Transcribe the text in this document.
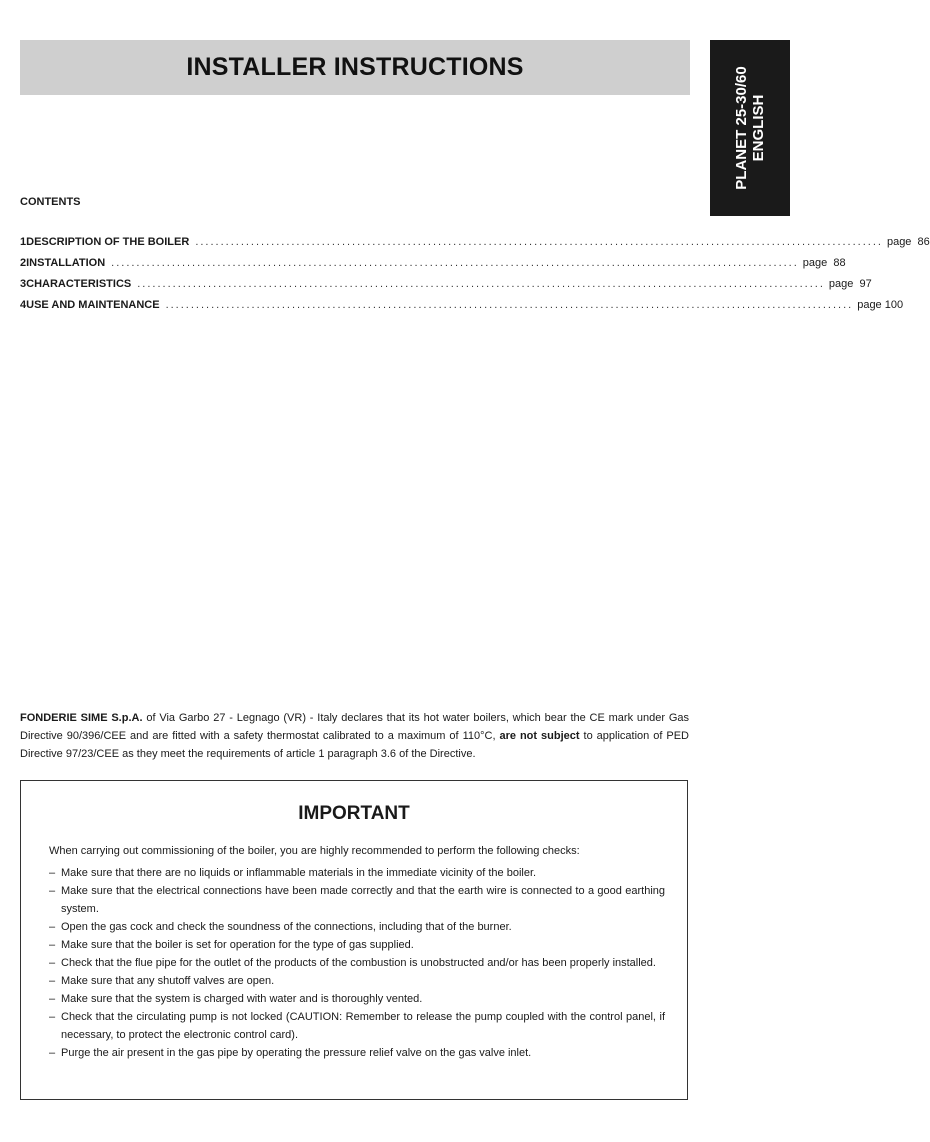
INSTALLER INSTRUCTIONS	PLANET 25-30/60 ENGLISH
CONTENTS
1 DESCRIPTION OF THE BOILER ........................................................................................................................................ page  86
2 INSTALLATION ........................................................................................................................................ page  88
3 CHARACTERISTICS ........................................................................................................................................ page  97
4 USE AND MAINTENANCE ........................................................................................................................................ page 100

FONDERIE SIME S.p.A. of Via Garbo 27 - Legnago (VR) - Italy declares that its hot water boilers, which bear the CE mark under Gas Directive 90/396/CEE and are fitted with a safety thermostat calibrated to a maximum of 110°C, are not subject to application of PED Directive 97/23/CEE as they meet the requirements of article 1 paragraph 3.6 of the Directive.

IMPORTANT
When carrying out commissioning of the boiler, you are highly recommended to perform the following checks:
– Make sure that there are no liquids or inflammable materials in the immediate vicinity of the boiler.
– Make sure that the electrical connections have been made correctly and that the earth wire is connected to a good earthing system.
– Open the gas cock and check the soundness of the connections, including that of the burner.
– Make sure that the boiler is set for operation for the type of gas supplied.
– Check that the flue pipe for the outlet of the products of the combustion is unobstructed and/or has been properly installed.
– Make sure that any shutoff valves are open.
– Make sure that the system is charged with water and is thoroughly vented.
– Check that the circulating pump is not locked (CAUTION: Remember to release the pump coupled with the control panel, if necessary, to protect the electronic control card).
– Purge the air present in the gas pipe by operating the pressure relief valve on the gas valve inlet.
